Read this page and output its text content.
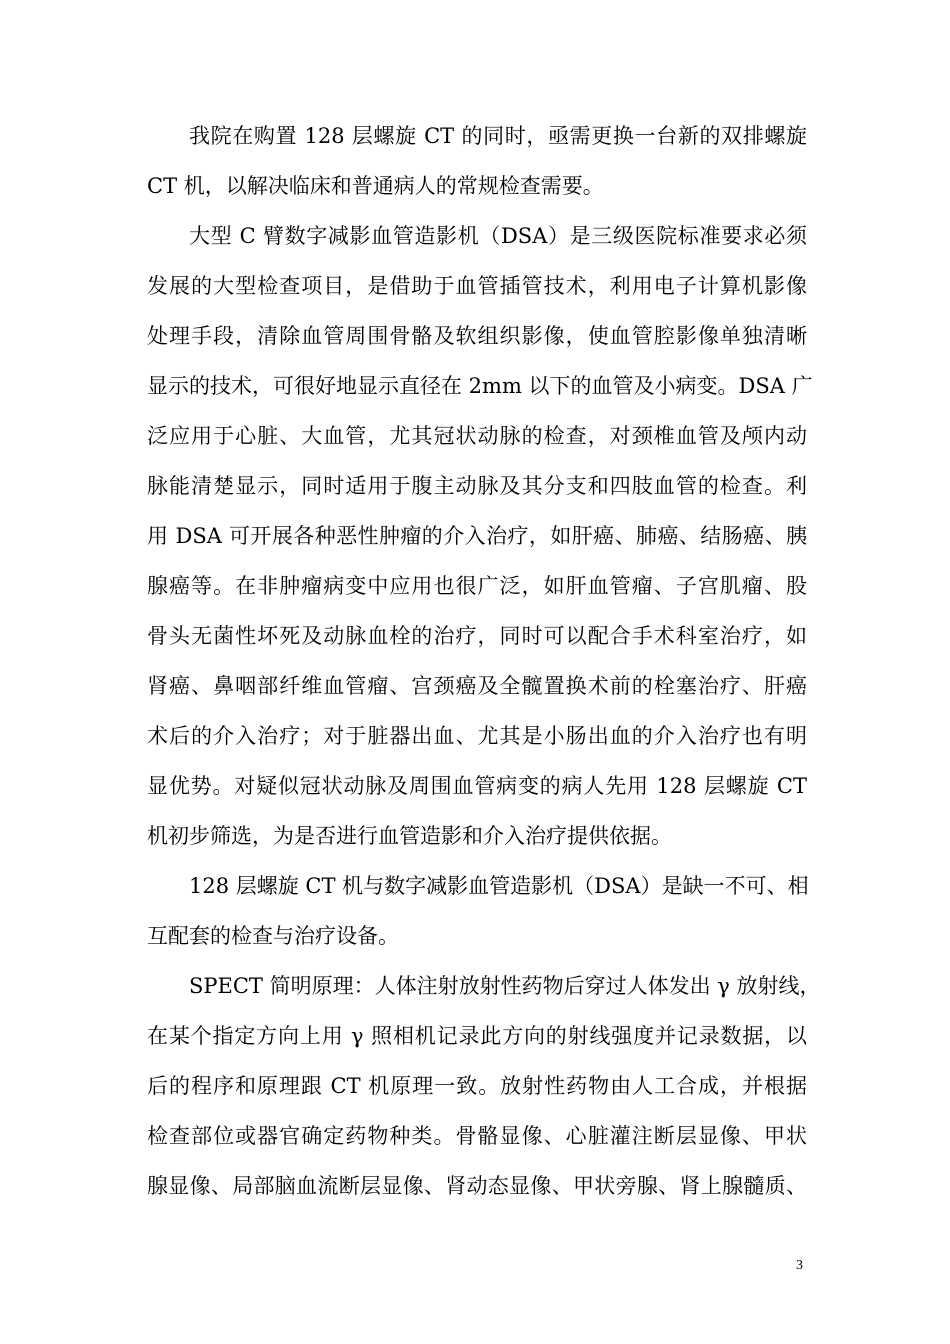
我院在购置 128 层螺旋 CT 的同时，亟需更换一台新的双排螺旋
CT 机，以解决临床和普通病人的常规检查需要。
大型 C 臂数字减影血管造影机（DSA）是三级医院标准要求必须
发展的大型检查项目，是借助于血管插管技术，利用电子计算机影像
处理手段，清除血管周围骨骼及软组织影像，使血管腔影像单独清晰
显示的技术，可很好地显示直径在 2mm 以下的血管及小病变。DSA 广
泛应用于心脏、大血管，尤其冠状动脉的检查，对颈椎血管及颅内动
脉能清楚显示，同时适用于腹主动脉及其分支和四肢血管的检查。利
用 DSA 可开展各种恶性肿瘤的介入治疗，如肝癌、肺癌、结肠癌、胰
腺癌等。在非肿瘤病变中应用也很广泛，如肝血管瘤、子宫肌瘤、股
骨头无菌性坏死及动脉血栓的治疗，同时可以配合手术科室治疗，如
肾癌、鼻咽部纤维血管瘤、宫颈癌及全髋置换术前的栓塞治疗、肝癌
术后的介入治疗；对于脏器出血、尤其是小肠出血的介入治疗也有明
显优势。对疑似冠状动脉及周围血管病变的病人先用 128 层螺旋 CT
机初步筛选，为是否进行血管造影和介入治疗提供依据。
128 层螺旋 CT 机与数字减影血管造影机（DSA）是缺一不可、相
互配套的检查与治疗设备。
SPECT 简明原理：人体注射放射性药物后穿过人体发出 γ 放射线，
在某个指定方向上用 γ 照相机记录此方向的射线强度并记录数据，以
后的程序和原理跟 CT 机原理一致。放射性药物由人工合成，并根据
检查部位或器官确定药物种类。骨骼显像、心脏灌注断层显像、甲状
腺显像、局部脑血流断层显像、肾动态显像、甲状旁腺、肾上腺髓质、
3
